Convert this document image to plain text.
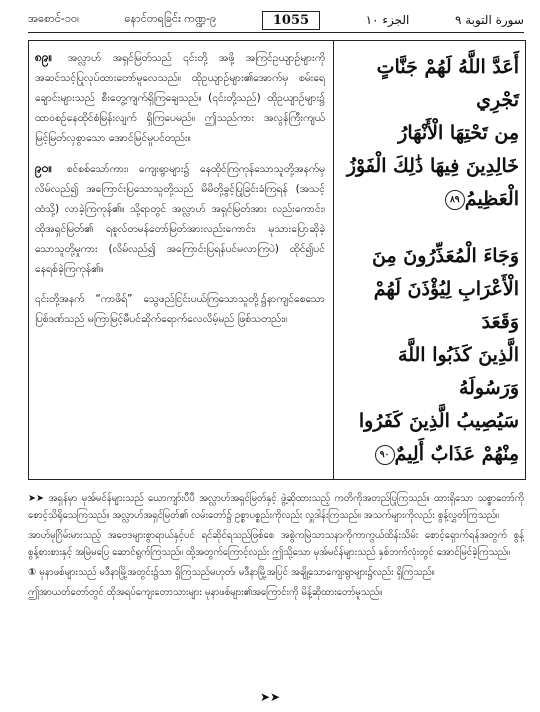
အစောင်-၁၀၊	နောင်တရခြင်း ကဏ္ဍ-၉	1055	الجزء ١٠	سورة التوبة ٩

၈၉။ အလ္လာဟ် အရှင်မြတ်သည် ၎င်းတို့ အဖို့ အကြင်ဥယျာဉ်များကို အဆင်သင့်ပြုလုပ်ထားတော်မူလေသည်။ ထိုဥယျာဉ်များ၏အောက်မှ စမ်းရေချောင်းများသည် စီးတွေ့ကျက်ရှိကြချေသည်။ (၎င်းတို့သည်) ထိုဥယျာဉ်များ၌ ထာဝစဉ်နေထိုင်စံမြန်းလျက် ရှိကြပေမည်။ ဤသည်ကား အလွန်ကြီးကျယ် မြင့်မြတ်လှစွာသော အောင်မြင်မှုပင်တည်း။

၉၀။ စင်စစ်သော်ကား၊ ကျေးရွာများ၌ နေထိုင်ကြကုန်သောသူတို့အနက်မှ လိမ်လည်၍ အကြောင်းပြသောသူတို့သည် မိမိတို့ခွင့်ပြုခြင်းခံကြရန် (အသင့်ထံသို့) လာခဲ့ကြကုန်၏။ သို့ရာတွင် အလ္လာဟ် အရှင်မြတ်အား လည်းကောင်း၊ ထိုအရှင်မြတ်၏ ရစူလ်တမန်တော်မြတ်အားလည်းကောင်း၊ မုသားပြောဆိုခဲ့သောသူတို့မှုကား (လိမ်လည်၍ အကြောင်းပြရန်ပင်မလာကြပဲ) ထိုင်၍ပင် နေရစ်ခဲ့ကြကုန်၏။

၎င်းတို့အနက် “ကာဖိရ်” သွေဖည်ငြင်းပယ်ကြသောသူတို့၌နာကျင်စေသောပြစ်ဒဏ်သည် မကြာမြင့်မီပင်ဆိုက်ရောက်လေလိမ့်မည် ဖြစ်သတည်း။

أَعَدَّ اللَّهُ لَهُمْ جَنَّاتٍ تَجْرِي
مِن تَحْتِهَا الْأَنْهَارُ
خَالِدِينَ فِيهَا ذَٰلِكَ الْفَوْزُ
الْعَظِيمُ٨٩
وَجَاءَ الْمُعَذِّرُونَ مِنَ
الْأَعْرَابِ لِيُؤْذَنَ لَهُمْ وَقَعَدَ
الَّذِينَ كَذَبُوا اللَّهَ وَرَسُولَهُ
سَيُصِيبُ الَّذِينَ كَفَرُوا
مِنْهُمْ عَذَابٌ أَلِيمٌ٩٠

➤➤ အရှန်မှာ မုအ်မင်န်များသည် ယောကျာ်းပီပီ အလ္လာဟ်အရှင်မြတ်နှင့် ဖွဲ့ဆိုထားသည့် ကတိကိုအတည်ပြုကြသည်။ ထားရှိသော သစ္စာတော်ကို စောင့်သိရိုသေကြသည်။ အလ္လာဟ်အရှင်မြတ်၏ လမ်းတော်၌ ဥစ္စာပစ္စည်းကိုလည်း လှူဒါန်းကြသည်။ အသက်များကိုလည်း စွန့်လွှတ်ကြသည်။

အာဟ်မုဂြိမ်းမားသည့် အဗေဒများစွာရာယ်နှင့်ပင် ရင်ဆိုင်ရသည်ဖြစ်စေ အစွဲကမြဲသာသနာကိုကာကွယ်ထိန်းသိမ်း စောင့်ရှောက်ရန်အတွက် စွန့်စွန့်စားစားနှင့် အမြဲမပြေ ဆောင်ရွက်ကြသည်။ ထို့အတွက်ကြောင့်လည်း ဤသို့သော မုအ်မင်န်များသည် နှစ်ဘက်လုံးတွင် အောင်မြင်ခဲ့ကြသည်။

① မုနာဖစ်များသည် မဒီနာမြို့အတွင်း၌သာ ရှိကြသည်မဟုတ်၊ မဒီနာမြို့အပြင် အချို့သောကျေးရွာများ၌လည်း ရှိကြသည်။

ဤအာယတ်တော်တွင် ထိုအရပ်ကျေးတောသားများ မုနာဖစ်များ၏အကြောင်းကို မိန့်ဆိုထားတော်မူသည်။

➤➤
